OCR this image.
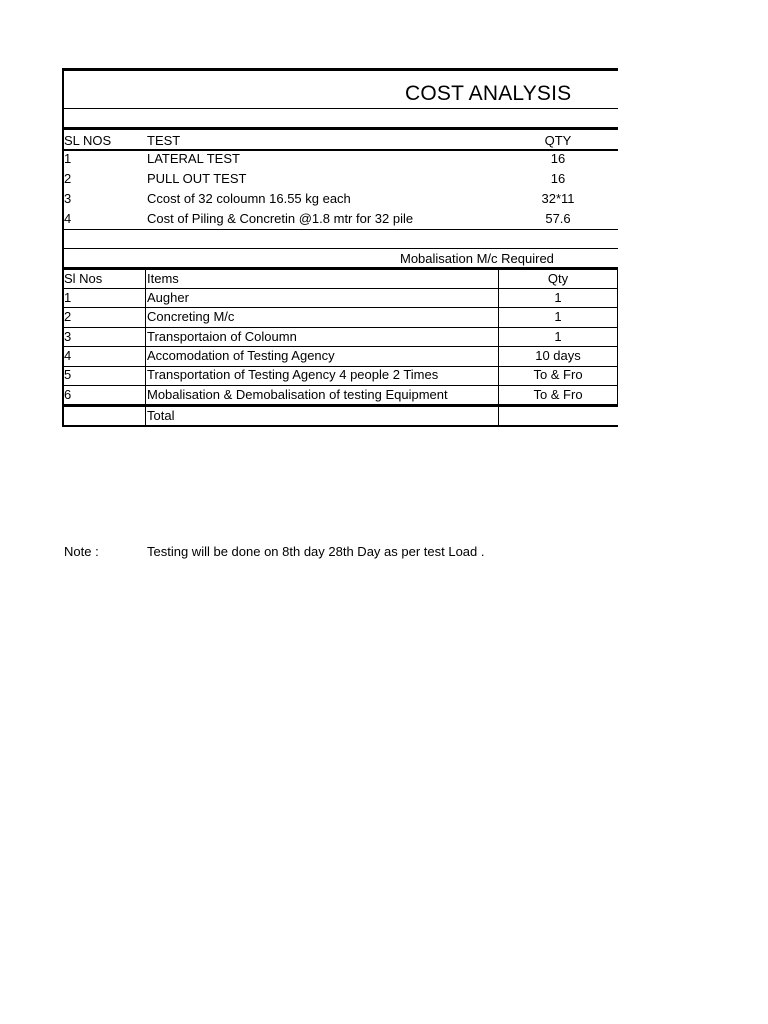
COST ANALYSIS
SL NOS	TEST	QTY
1	LATERAL TEST	16
2	PULL OUT TEST	16
3	Ccost of 32 coloumn 16.55 kg each	32*11
4	Cost of Piling & Concretin @1.8 mtr for 32 pile	57.6
Mobalisation M/c Required
Sl Nos	Items	Qty
1	Augher	1
2	Concreting M/c	1
3	Transportaion of Coloumn	1
4	Accomodation of Testing Agency	10 days
5	Transportation of Testing Agency 4 people 2 Times	To & Fro
6	Mobalisation & Demobalisation of testing Equipment	To & Fro
Total
Note :	Testing will be done on 8th day 28th Day as per test Load .
